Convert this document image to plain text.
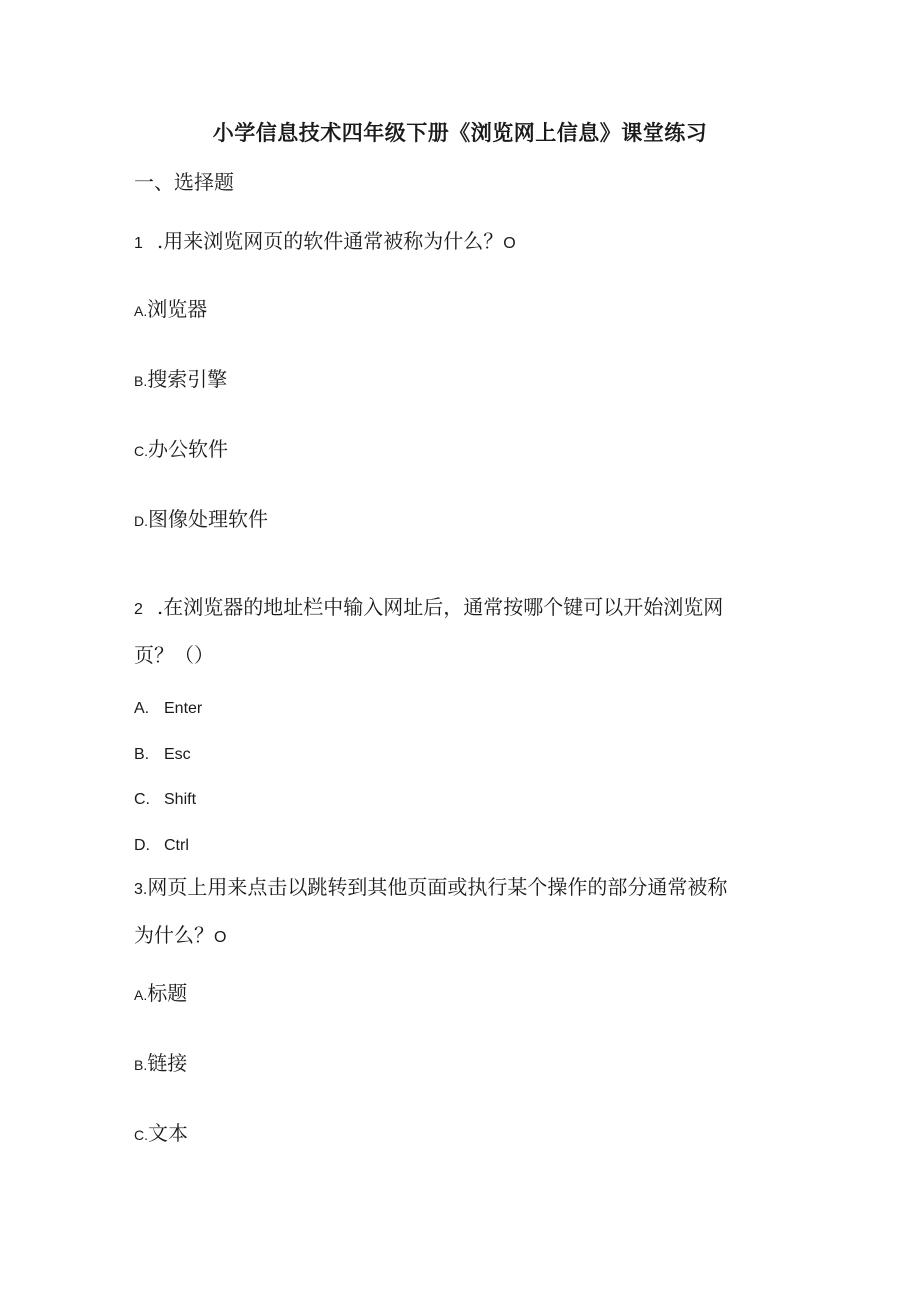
小学信息技术四年级下册《浏览网上信息》课堂练习
一、选择题
1 .用来浏览网页的软件通常被称为什么？O
A.浏览器
B.搜索引擎
C.办公软件
D.图像处理软件
2 .在浏览器的地址栏中输入网址后，通常按哪个键可以开始浏览网
页？（）
A. Enter
B. Esc
C. Shift
D. Ctrl
3.网页上用来点击以跳转到其他页面或执行某个操作的部分通常被称
为什么？O
A.标题
B.链接
C.文本
